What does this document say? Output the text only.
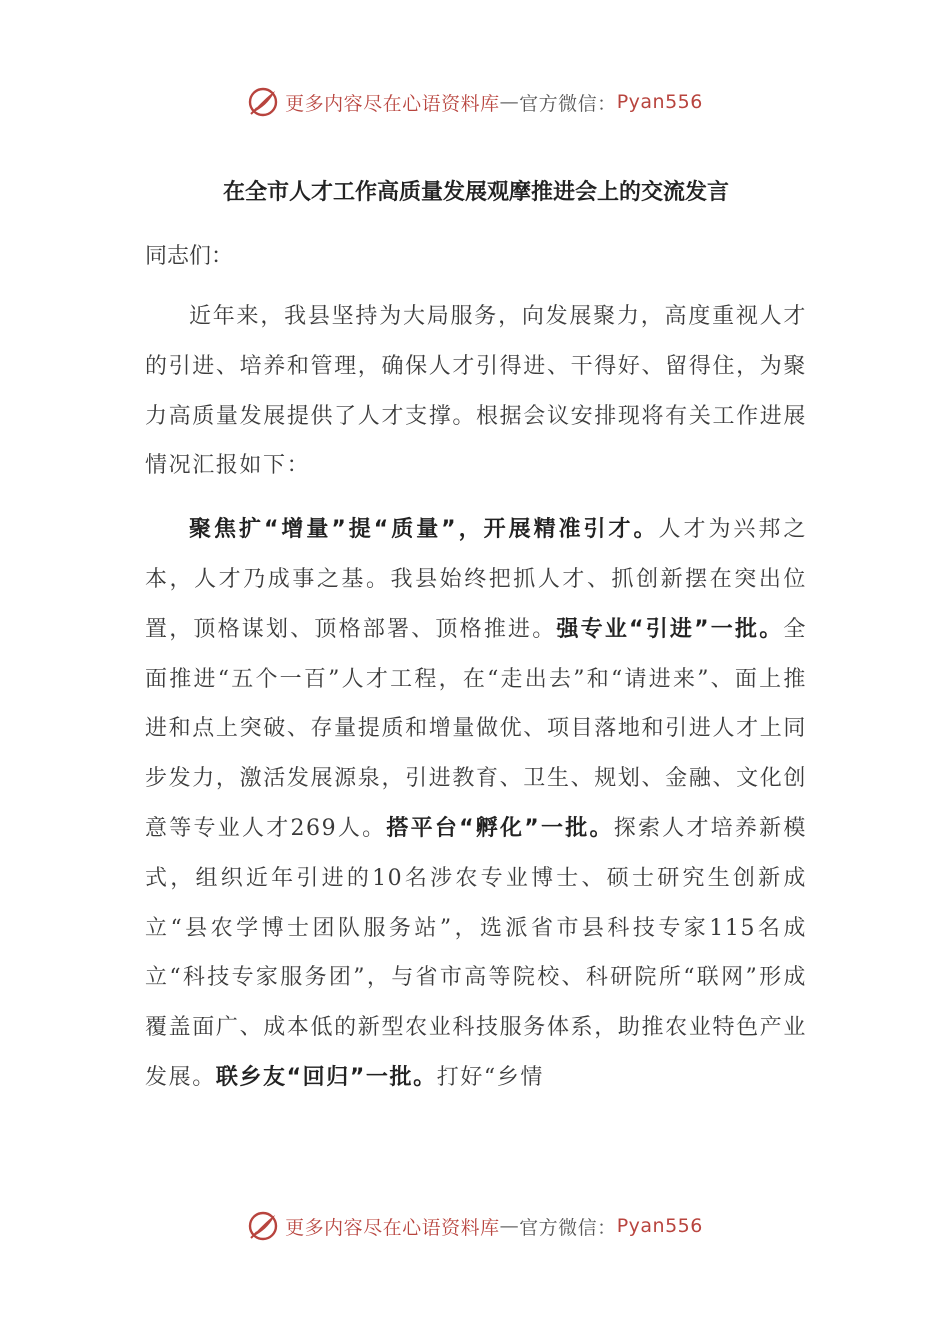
更多内容尽在心语资料库 — 官方微信： Pyan556
在全市人才工作高质量发展观摩推进会上的交流发言

同志们：

近年来，我县坚持为大局服务，向发展聚力，高度重视人才的引进、培养和管理，确保人才引得进、干得好、留得住，为聚力高质量发展提供了人才支撑。根据会议安排现将有关工作进展情况汇报如下：

聚焦扩“增量”提“质量”，开展精准引才。人才为兴邦之本，人才乃成事之基。我县始终把抓人才、抓创新摆在突出位置，顶格谋划、顶格部署、顶格推进。强专业“引进”一批。全面推进“五个一百”人才工程，在“走出去”和“请进来”、面上推进和点上突破、存量提质和增量做优、项目落地和引进人才上同步发力，激活发展源泉，引进教育、卫生、规划、金融、文化创意等专业人才269人。搭平台“孵化”一批。探索人才培养新模式，组织近年引进的10名涉农专业博士、硕士研究生创新成立“县农学博士团队服务站”，选派省市县科技专家115名成立“科技专家服务团”，与省市高等院校、科研院所“联网”形成覆盖面广、成本低的新型农业科技服务体系，助推农业特色产业发展。联乡友“回归”一批。打好“乡情

更多内容尽在心语资料库 — 官方微信： Pyan556
